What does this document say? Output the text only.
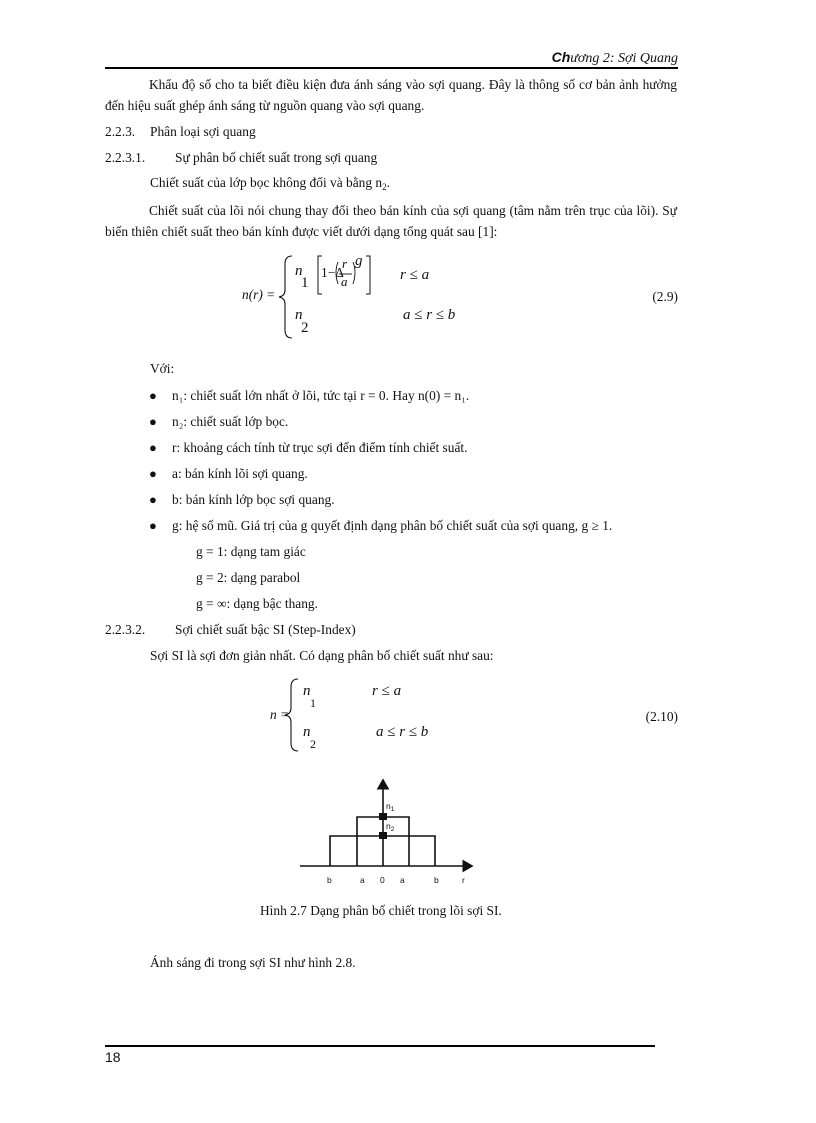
Chương 2: Sợi Quang
Khẩu độ số cho ta biết điều kiện đưa ánh sáng vào sợi quang. Đây là thông số cơ bản ảnh hưởng đến hiệu suất ghép ánh sáng từ nguồn quang vào sợi quang.
2.2.3. Phân loại sợi quang
2.2.3.1. Sự phân bố chiết suất trong sợi quang
Chiết suất của lớp bọc không đổi và bằng $n_2$.
Chiết suất của lõi nói chung thay đổi theo bán kính của sợi quang (tâm nằm trên trục của lõi). Sự biến thiên chiết suất theo bán kính được viết dưới dạng tổng quát sau [1]:
n(r) =
n
1
1−Δ
r
a
g
r ≤ a
n
2
a ≤ r ≤ b
(2.9)
Với:
● n₁: chiết suất lớn nhất ở lõi, tức tại r = 0. Hay n(0) = n₁.
● n₂: chiết suất lớp bọc.
● r: khoảng cách tính từ trục sợi đến điểm tính chiết suất.
● a: bán kính lõi sợi quang.
● b: bán kính lớp bọc sợi quang.
● g: hệ số mũ. Giá trị của g quyết định dạng phân bố chiết suất của sợi quang, g ≥ 1.
g = 1: dạng tam giác
g = 2: dạng parabol
g = ∞: dạng bậc thang.
2.2.3.2. Sợi chiết suất bậc SI (Step-Index)
Sợi SI là sợi đơn giản nhất. Có dạng phân bố chiết suất như sau:
n =
n
1
r ≤ a
n
2
a ≤ r ≤ b
(2.10)
$n_1$
$n_2$
b	a 0 a	b	r
Hình 2.7 Dạng phân bố chiết trong lõi sợi SI.
Ánh sáng đi trong sợi SI như hình 2.8.
18
